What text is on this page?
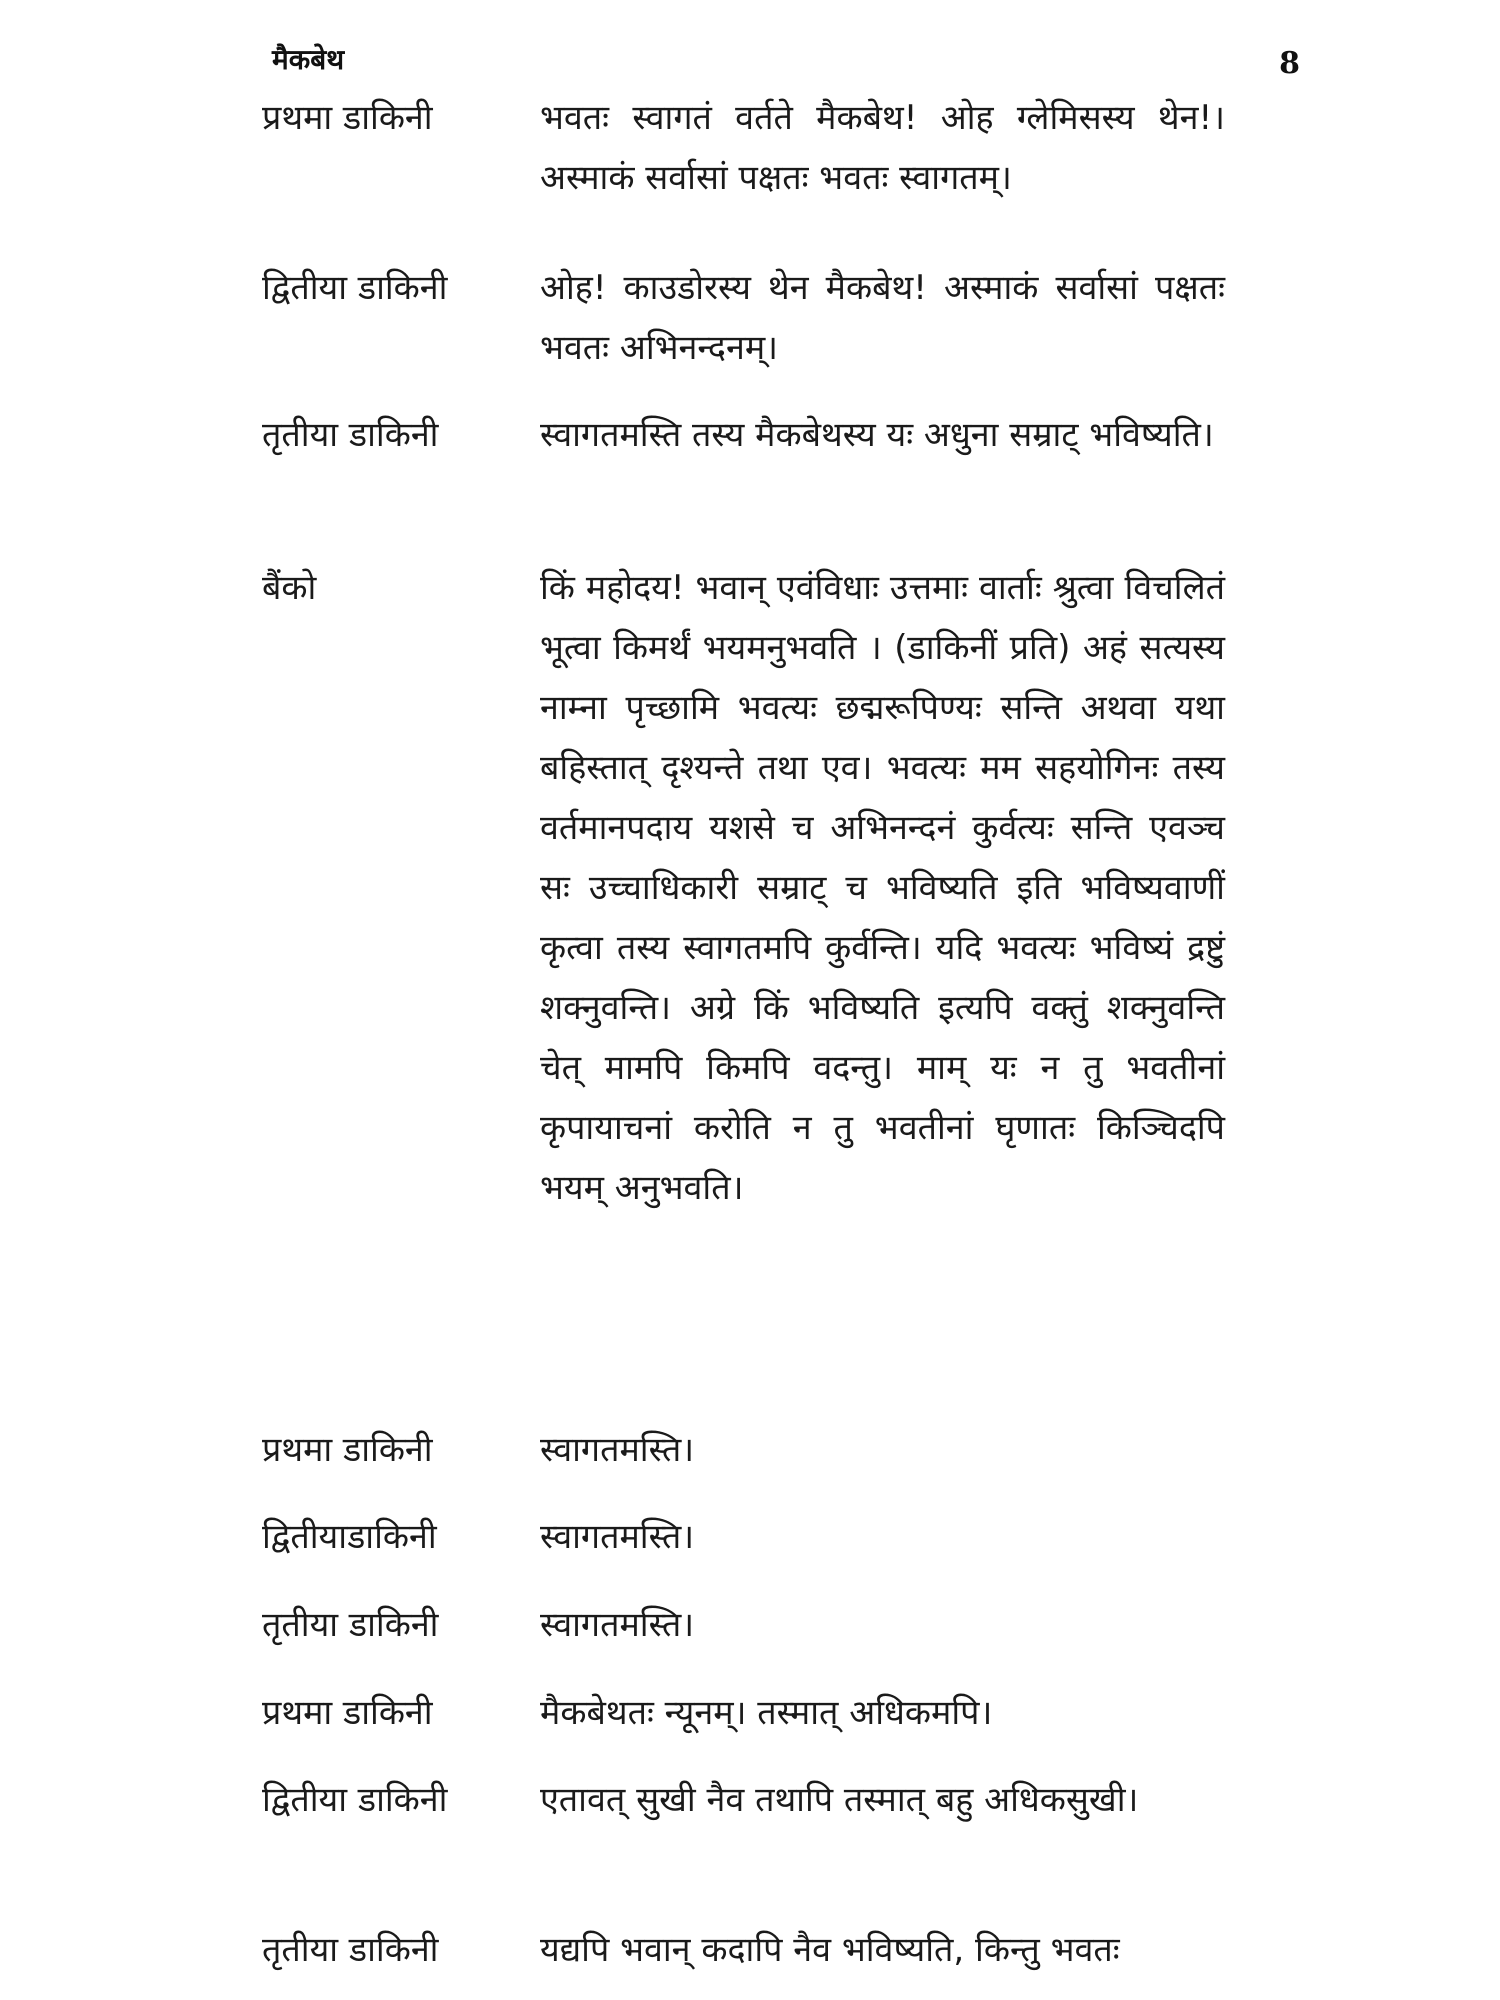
मैकबेथ	8
प्रथमा डाकिनी	भवतः स्वागतं वर्तते मैकबेथ! ओह ग्लेमिसस्य थेन!। अस्माकं सर्वासां पक्षतः भवतः स्वागतम्।
द्वितीया डाकिनी	ओह! काउडोरस्य थेन मैकबेथ! अस्माकं सर्वासां पक्षतः भवतः अभिनन्दनम्।
तृतीया डाकिनी	स्वागतमस्ति तस्य मैकबेथस्य यः अधुना सम्राट् भविष्यति।
बैंको	किं महोदय! भवान् एवंविधाः उत्तमाः वार्ताः श्रुत्वा विचलितं भूत्वा किमर्थं भयमनुभवति । (डाकिनीं प्रति) अहं सत्यस्य नाम्ना पृच्छामि भवत्यः छद्मरूपिण्यः सन्ति अथवा यथा बहिस्तात् दृश्यन्ते तथा एव। भवत्यः मम सहयोगिनः तस्य वर्तमानपदाय यशसे च अभिनन्दनं कुर्वत्यः सन्ति एवञ्च सः उच्चाधिकारी सम्राट् च भविष्यति इति भविष्यवाणीं कृत्वा तस्य स्वागतमपि कुर्वन्ति। यदि भवत्यः भविष्यं द्रष्टुं शक्नुवन्ति। अग्रे किं भविष्यति इत्यपि वक्तुं शक्नुवन्ति चेत् मामपि किमपि वदन्तु। माम् यः न तु भवतीनां कृपायाचनां करोति न तु भवतीनां घृणातः किञ्चिदपि भयम् अनुभवति।
प्रथमा डाकिनी	स्वागतमस्ति।
द्वितीयाडाकिनी	स्वागतमस्ति।
तृतीया डाकिनी	स्वागतमस्ति।
प्रथमा डाकिनी	मैकबेथतः न्यूनम्। तस्मात् अधिकमपि।
द्वितीया डाकिनी	एतावत् सुखी नैव तथापि तस्मात् बहु अधिकसुखी।
तृतीया डाकिनी	यद्यपि भवान् कदापि नैव भविष्यति, किन्तु भवतः
